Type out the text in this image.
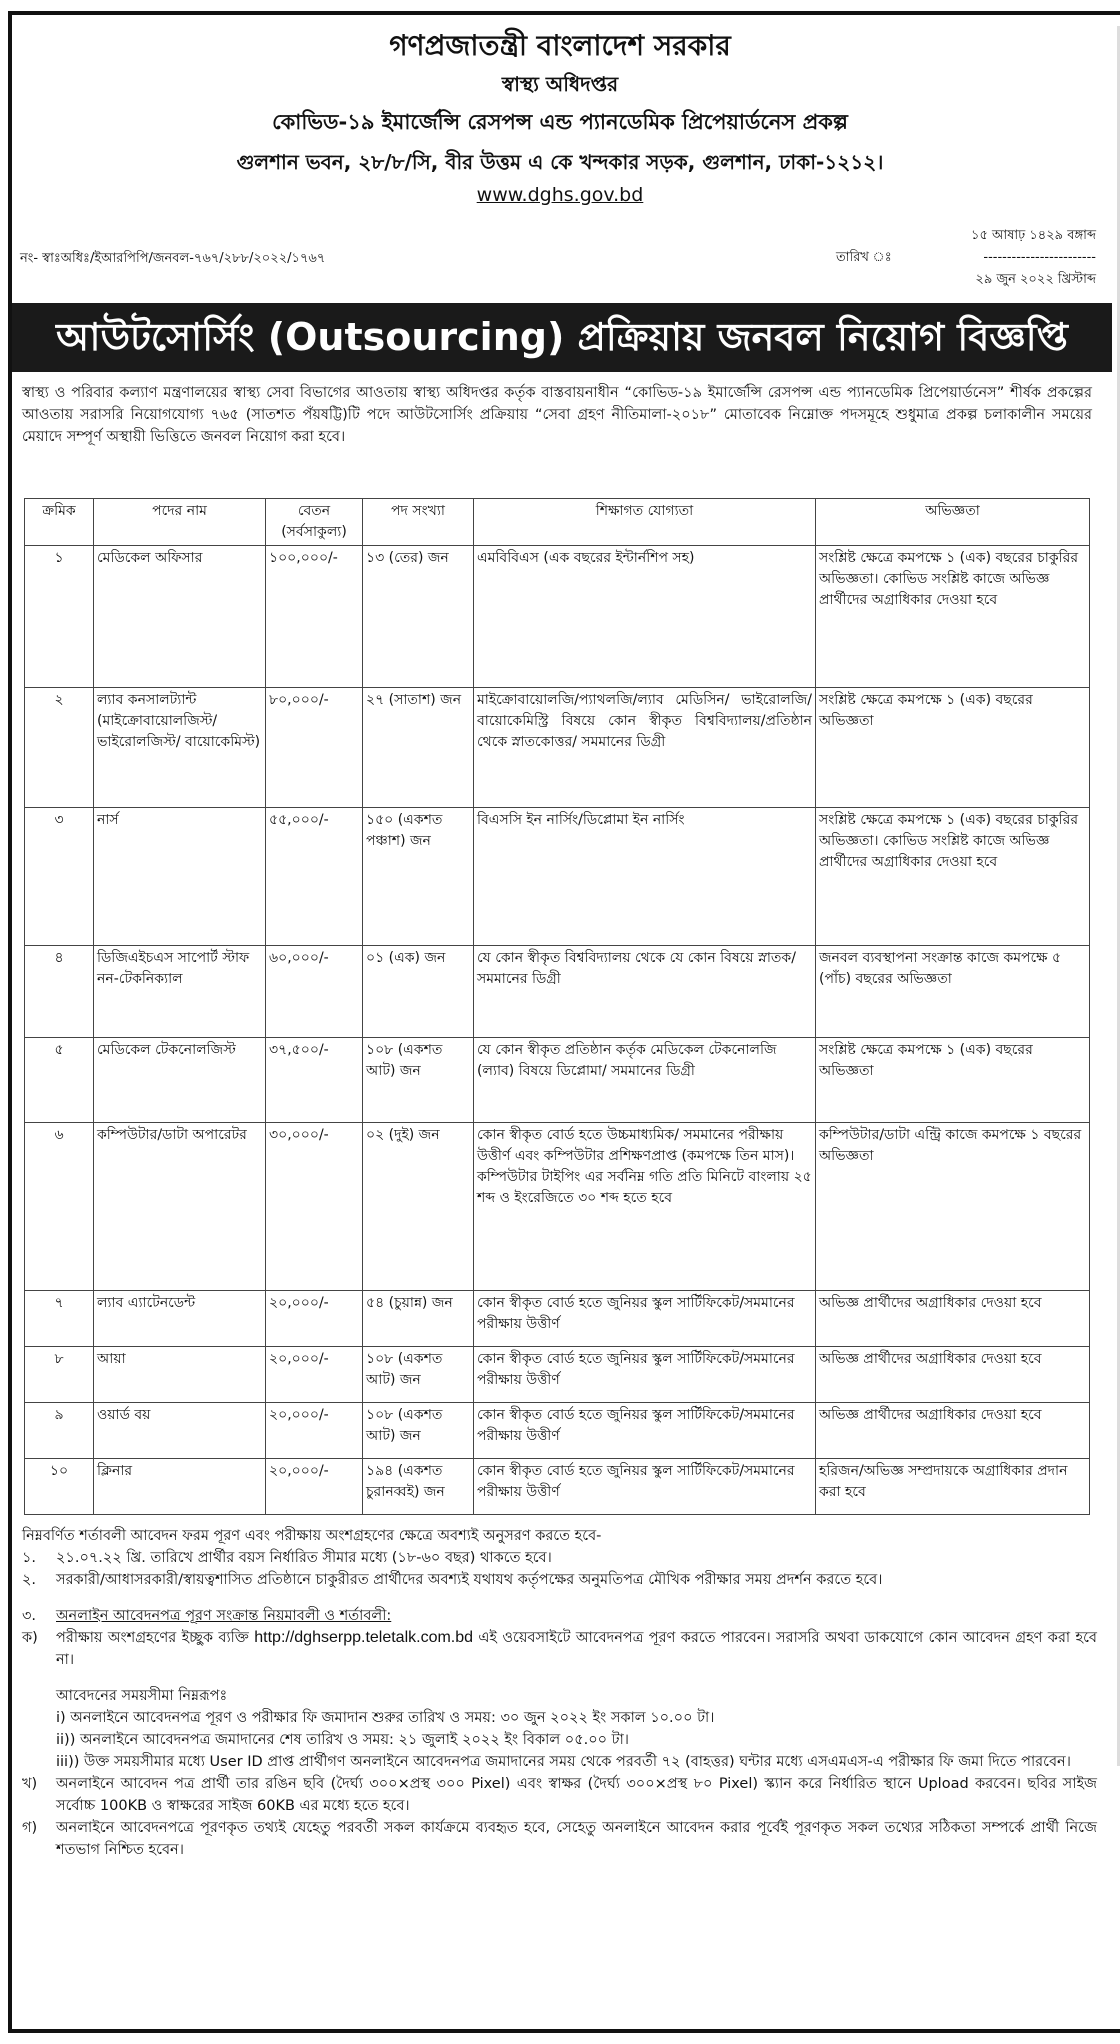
গণপ্রজাতন্ত্রী বাংলাদেশ সরকার
স্বাস্থ্য অধিদপ্তর
কোভিড-১৯ ইমার্জেন্সি রেসপন্স এন্ড প্যানডেমিক প্রিপেয়ার্ডনেস প্রকল্প
গুলশান ভবন, ২৮/৮/সি, বীর উত্তম এ কে খন্দকার সড়ক, গুলশান, ঢাকা-১২১২।
www.dghs.gov.bd
নং- স্বাঃঅধিঃ/ইআরপিপি/জনবল-৭৬৭/২৮৮/২০২২/১৭৬৭
১৫ আষাঢ় ১৪২৯ বঙ্গাব্দ
------------------------
২৯ জুন ২০২২ খ্রিস্টাব্দ
তারিখ ঃ
আউটসোর্সিং (Outsourcing) প্রক্রিয়ায় জনবল নিয়োগ বিজ্ঞপ্তি
স্বাস্থ্য ও পরিবার কল্যাণ মন্ত্রণালয়ের স্বাস্থ্য সেবা বিভাগের আওতায় স্বাস্থ্য অধিদপ্তর কর্তৃক বাস্তবায়নাধীন “কোভিড-১৯ ইমার্জেন্সি রেসপন্স এন্ড প্যানডেমিক প্রিপেয়ার্ডনেস” শীর্ষক প্রকল্পের আওতায় সরাসরি নিয়োগযোগ্য ৭৬৫ (সাতশত পঁয়ষট্টি)টি পদে আউটসোর্সিং প্রক্রিয়ায় “সেবা গ্রহণ নীতিমালা-২০১৮” মোতাবেক নিম্নোক্ত পদসমূহে শুধুমাত্র প্রকল্প চলাকালীন সময়ের মেয়াদে সম্পূর্ণ অস্থায়ী ভিত্তিতে জনবল নিয়োগ করা হবে।
ক্রমিক	পদের নাম	বেতন (সর্বসাকুল্য)	পদ সংখ্যা	শিক্ষাগত যোগ্যতা	অভিজ্ঞতা
১	মেডিকেল অফিসার	১০০,০০০/-	১৩ (তের) জন	এমবিবিএস (এক বছরের ইন্টার্নশিপ সহ)	সংশ্লিষ্ট ক্ষেত্রে কমপক্ষে ১ (এক) বছরের চাকুরির অভিজ্ঞতা। কোভিড সংশ্লিষ্ট কাজে অভিজ্ঞ প্রার্থীদের অগ্রাধিকার দেওয়া হবে
২	ল্যাব কনসালট্যান্ট (মাইক্রোবায়োলজিস্ট/ ভাইরোলজিস্ট/ বায়োকেমিস্ট)	৮০,০০০/-	২৭ (সাতাশ) জন	মাইক্রোবায়োলজি/প্যাথলজি/ল্যাব মেডিসিন/ ভাইরোলজি/ বায়োকেমিস্ট্রি বিষয়ে কোন স্বীকৃত বিশ্ববিদ্যালয়/প্রতিষ্ঠান থেকে স্নাতকোত্তর/ সমমানের ডিগ্রী	সংশ্লিষ্ট ক্ষেত্রে কমপক্ষে ১ (এক) বছরের অভিজ্ঞতা
৩	নার্স	৫৫,০০০/-	১৫০ (একশত পঞ্চাশ) জন	বিএসসি ইন নার্সিং/ডিপ্লোমা ইন নার্সিং	সংশ্লিষ্ট ক্ষেত্রে কমপক্ষে ১ (এক) বছরের চাকুরির অভিজ্ঞতা। কোভিড সংশ্লিষ্ট কাজে অভিজ্ঞ প্রার্থীদের অগ্রাধিকার দেওয়া হবে
৪	ডিজিএইচএস সাপোর্ট স্টাফ নন-টেকনিক্যাল	৬০,০০০/-	০১ (এক) জন	যে কোন স্বীকৃত বিশ্ববিদ্যালয় থেকে যে কোন বিষয়ে স্নাতক/সমমানের ডিগ্রী	জনবল ব্যবস্থাপনা সংক্রান্ত কাজে কমপক্ষে ৫ (পাঁচ) বছরের অভিজ্ঞতা
৫	মেডিকেল টেকনোলজিস্ট	৩৭,৫০০/-	১০৮ (একশত আট) জন	যে কোন স্বীকৃত প্রতিষ্ঠান কর্তৃক মেডিকেল টেকনোলজি (ল্যাব) বিষয়ে ডিপ্লোমা/ সমমানের ডিগ্রী	সংশ্লিষ্ট ক্ষেত্রে কমপক্ষে ১ (এক) বছরের অভিজ্ঞতা
৬	কম্পিউটার/ডাটা অপারেটর	৩০,০০০/-	০২ (দুই) জন	কোন স্বীকৃত বোর্ড হতে উচ্চমাধ্যমিক/ সমমানের পরীক্ষায় উত্তীর্ণ এবং কম্পিউটার প্রশিক্ষণপ্রাপ্ত (কমপক্ষে তিন মাস)। কম্পিউটার টাইপিং এর সর্বনিম্ন গতি প্রতি মিনিটে বাংলায় ২৫ শব্দ ও ইংরেজিতে ৩০ শব্দ হতে হবে	কম্পিউটার/ডাটা এন্ট্রি কাজে কমপক্ষে ১ বছরের অভিজ্ঞতা
৭	ল্যাব এ্যাটেনডেন্ট	২০,০০০/-	৫৪ (চুয়ান্ন) জন	কোন স্বীকৃত বোর্ড হতে জুনিয়র স্কুল সার্টিফিকেট/সমমানের পরীক্ষায় উত্তীর্ণ	অভিজ্ঞ প্রার্থীদের অগ্রাধিকার দেওয়া হবে
৮	আয়া	২০,০০০/-	১০৮ (একশত আট) জন	কোন স্বীকৃত বোর্ড হতে জুনিয়র স্কুল সার্টিফিকেট/সমমানের পরীক্ষায় উত্তীর্ণ	অভিজ্ঞ প্রার্থীদের অগ্রাধিকার দেওয়া হবে
৯	ওয়ার্ড বয়	২০,০০০/-	১০৮ (একশত আট) জন	কোন স্বীকৃত বোর্ড হতে জুনিয়র স্কুল সার্টিফিকেট/সমমানের পরীক্ষায় উত্তীর্ণ	অভিজ্ঞ প্রার্থীদের অগ্রাধিকার দেওয়া হবে
১০	ক্লিনার	২০,০০০/-	১৯৪ (একশত চুরানব্বই) জন	কোন স্বীকৃত বোর্ড হতে জুনিয়র স্কুল সার্টিফিকেট/সমমানের পরীক্ষায় উত্তীর্ণ	হরিজন/অভিজ্ঞ সম্প্রদায়কে অগ্রাধিকার প্রদান করা হবে
নিম্নবর্ণিত শর্তাবলী আবেদন ফরম পূরণ এবং পরীক্ষায় অংশগ্রহণের ক্ষেত্রে অবশ্যই অনুসরণ করতে হবে-
১.	২১.০৭.২২ খ্রি. তারিখে প্রার্থীর বয়স নির্ধারিত সীমার মধ্যে (১৮-৬০ বছর) থাকতে হবে।
২.	সরকারী/আধাসরকারী/স্বায়ত্বশাসিত প্রতিষ্ঠানে চাকুরীরত প্রার্থীদের অবশ্যই যথাযথ কর্তৃপক্ষের অনুমতিপত্র মৌখিক পরীক্ষার সময় প্রদর্শন করতে হবে।
৩.	অনলাইন আবেদনপত্র পূরণ সংক্রান্ত নিয়মাবলী ও শর্তাবলী:
ক)	পরীক্ষায় অংশগ্রহণের ইচ্ছুক ব্যক্তি http://dghserpp.teletalk.com.bd এই ওয়েবসাইটে আবেদনপত্র পূরণ করতে পারবেন। সরাসরি অথবা ডাকযোগে কোন আবেদন গ্রহণ করা হবে না।
আবেদনের সময়সীমা নিম্নরূপঃ
i) অনলাইনে আবেদনপত্র পূরণ ও পরীক্ষার ফি জমাদান শুরুর তারিখ ও সময়: ৩০ জুন ২০২২ ইং সকাল ১০.০০ টা।
ii)) অনলাইনে আবেদনপত্র জমাদানের শেষ তারিখ ও সময়: ২১ জুলাই ২০২২ ইং বিকাল ০৫.০০ টা।
iii)) উক্ত সময়সীমার মধ্যে User ID প্রাপ্ত প্রার্থীগণ অনলাইনে আবেদনপত্র জমাদানের সময় থেকে পরবর্তী ৭২ (বাহত্তর) ঘন্টার মধ্যে এসএমএস-এ পরীক্ষার ফি জমা দিতে পারবেন।
খ)	অনলাইনে আবেদন পত্র প্রার্থী তার রঙিন ছবি (দৈর্ঘ্য ৩০০×প্রস্থ ৩০০ Pixel) এবং স্বাক্ষর (দৈর্ঘ্য ৩০০×প্রস্থ ৮০ Pixel) স্ক্যান করে নির্ধারিত স্থানে Upload করবেন। ছবির সাইজ সর্বোচ্চ 100KB ও স্বাক্ষরের সাইজ 60KB এর মধ্যে হতে হবে।
গ)	অনলাইনে আবেদনপত্রে পূরণকৃত তথ্যই যেহেতু পরবর্তী সকল কার্যক্রমে ব্যবহৃত হবে, সেহেতু অনলাইনে আবেদন করার পূর্বেই পূরণকৃত সকল তথ্যের সঠিকতা সম্পর্কে প্রার্থী নিজে শতভাগ নিশ্চিত হবেন।
